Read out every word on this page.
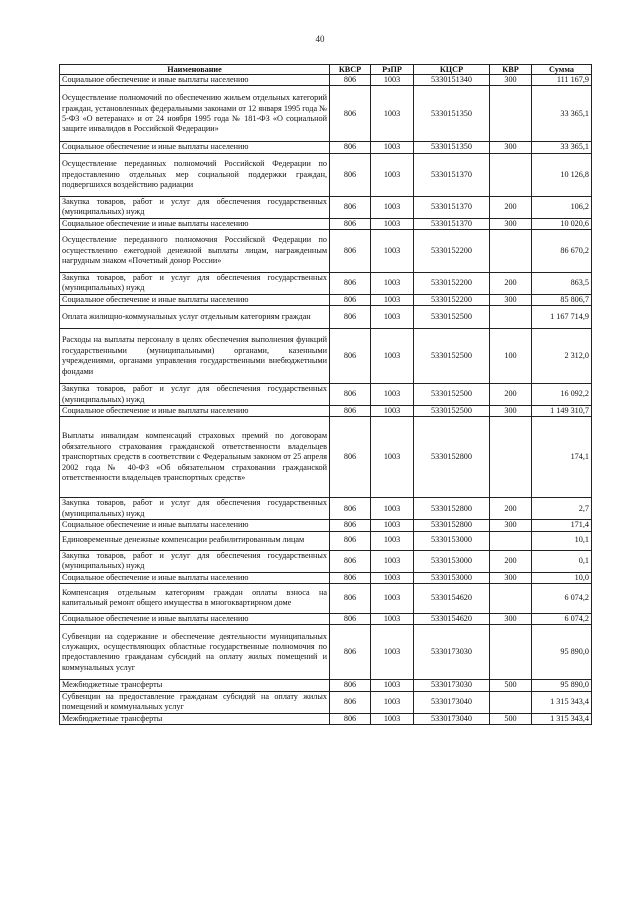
40
Наименование	КВСР	РзПР	КЦСР	КВР	Сумма
Социальное обеспечение и иные выплаты населению	806	1003	5330151340	300	111 167,9
Осуществление полномочий по обеспечению жильем отдельных категорий граждан, установленных федеральными законами от 12 января 1995 года № 5-ФЗ «О ветеранах» и от 24 ноября 1995 года № 181-ФЗ «О социальной защите инвалидов в Российской Федерации»	806	1003	5330151350		33 365,1
Социальное обеспечение и иные выплаты населению	806	1003	5330151350	300	33 365,1
Осуществление переданных полномочий Российской Федерации по предоставлению отдельных мер социальной поддержки граждан, подвергшихся воздействию радиации	806	1003	5330151370		10 126,8
Закупка товаров, работ и услуг для обеспечения государственных (муниципальных) нужд	806	1003	5330151370	200	106,2
Социальное обеспечение и иные выплаты населению	806	1003	5330151370	300	10 020,6
Осуществление переданного полномочия Российской Федерации по осуществлению ежегодной денежной выплаты лицам, награжденным нагрудным знаком «Почетный донор России»	806	1003	5330152200		86 670,2
Закупка товаров, работ и услуг для обеспечения государственных (муниципальных) нужд	806	1003	5330152200	200	863,5
Социальное обеспечение и иные выплаты населению	806	1003	5330152200	300	85 806,7
Оплата жилищно-коммунальных услуг отдельным категориям граждан	806	1003	5330152500		1 167 714,9
Расходы на выплаты персоналу в целях обеспечения выполнения функций государственными (муниципальными) органами, казенными учреждениями, органами управления государственными внебюджетными фондами	806	1003	5330152500	100	2 312,0
Закупка товаров, работ и услуг для обеспечения государственных (муниципальных) нужд	806	1003	5330152500	200	16 092,2
Социальное обеспечение и иные выплаты населению	806	1003	5330152500	300	1 149 310,7
Выплаты инвалидам компенсаций страховых премий по договорам обязательного страхования гражданской ответственности владельцев транспортных средств в соответствии с Федеральным законом от 25 апреля 2002 года № 40-ФЗ «Об обязательном страховании гражданской ответственности владельцев транспортных средств»	806	1003	5330152800		174,1
Закупка товаров, работ и услуг для обеспечения государственных (муниципальных) нужд	806	1003	5330152800	200	2,7
Социальное обеспечение и иные выплаты населению	806	1003	5330152800	300	171,4
Единовременные денежные компенсации реабилитированным лицам	806	1003	5330153000		10,1
Закупка товаров, работ и услуг для обеспечения государственных (муниципальных) нужд	806	1003	5330153000	200	0,1
Социальное обеспечение и иные выплаты населению	806	1003	5330153000	300	10,0
Компенсация отдельным категориям граждан оплаты взноса на капитальный ремонт общего имущества в многоквартирном доме	806	1003	5330154620		6 074,2
Социальное обеспечение и иные выплаты населению	806	1003	5330154620	300	6 074,2
Субвенции на содержание и обеспечение деятельности муниципальных служащих, осуществляющих областные государственные полномочия по предоставлению гражданам субсидий на оплату жилых помещений и коммунальных услуг	806	1003	5330173030		95 890,0
Межбюджетные трансферты	806	1003	5330173030	500	95 890,0
Субвенции на предоставление гражданам субсидий на оплату жилых помещений и коммунальных услуг	806	1003	5330173040		1 315 343,4
Межбюджетные трансферты	806	1003	5330173040	500	1 315 343,4
